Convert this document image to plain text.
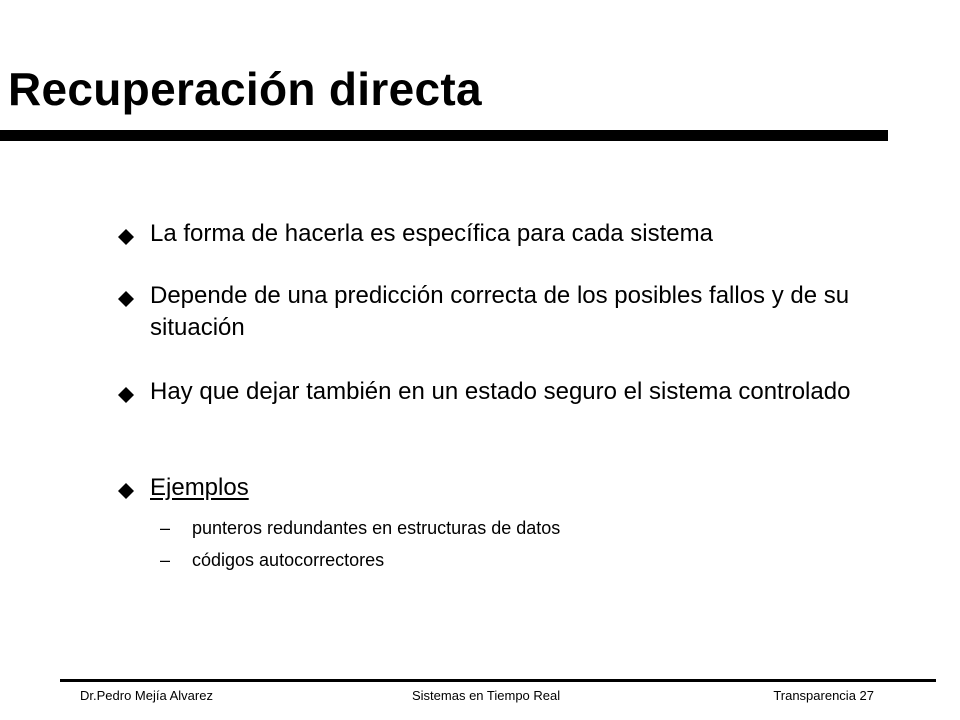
Recuperación directa
La forma de hacerla es específica para cada sistema
Depende de una predicción correcta de los posibles fallos y de su situación
Hay que dejar también en un estado seguro el sistema controlado
Ejemplos
– punteros redundantes en estructuras de datos
– códigos autocorrectores
Dr.Pedro Mejía Alvarez	Sistemas en Tiempo Real	Transparencia 27
